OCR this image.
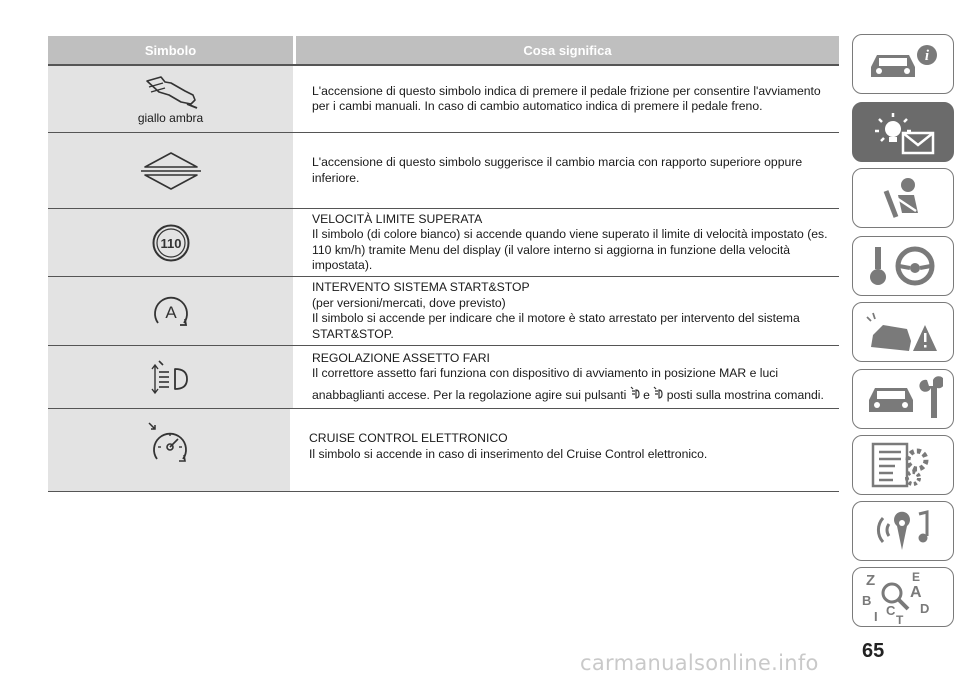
Simbolo	Cosa significa
giallo ambra
L'accensione di questo simbolo indica di premere il pedale frizione per consentire l'avviamento
per i cambi manuali. In caso di cambio automatico indica di premere il pedale freno.
L'accensione di questo simbolo suggerisce il cambio marcia con rapporto superiore oppure
inferiore.
110
VELOCITÀ LIMITE SUPERATA
Il simbolo (di colore bianco) si accende quando viene superato il limite di velocità impostato (es.
110 km/h) tramite Menu del display (il valore interno si aggiorna in funzione della velocità
impostata).
A
INTERVENTO SISTEMA START&STOP
(per versioni/mercati, dove previsto)
Il simbolo si accende per indicare che il motore è stato arrestato per intervento del sistema
START&STOP.
REGOLAZIONE ASSETTO FARI
Il correttore assetto fari funziona con dispositivo di avviamento in posizione MAR e luci
anabbaglianti accese. Per la regolazione agire sui pulsanti e posti sulla mostrina comandi.
CRUISE CONTROL ELETTRONICO
Il simbolo si accende in caso di inserimento del Cruise Control elettronico.
i
Z	E
A
B
C D
I T
65
carmanualsonline.info
